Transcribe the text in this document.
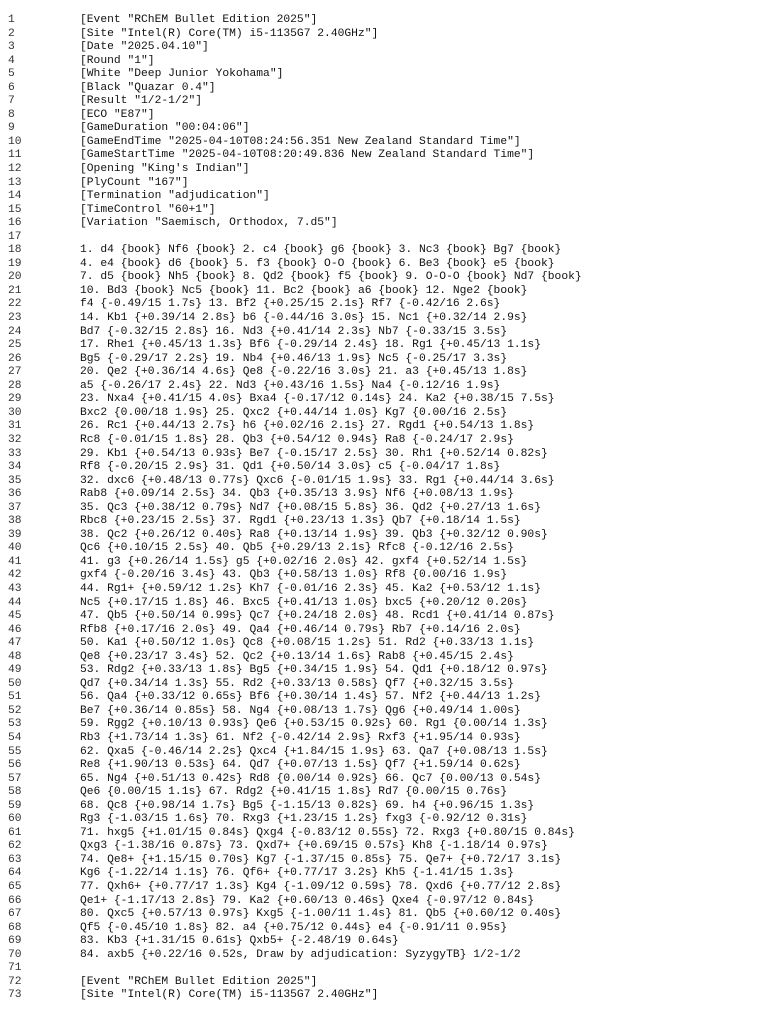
1	[Event "RChEM Bullet Edition 2025"]
2	[Site "Intel(R) Core(TM) i5-1135G7 2.40GHz"]
3	[Date "2025.04.10"]
4	[Round "1"]
5	[White "Deep Junior Yokohama"]
6	[Black "Quazar 0.4"]
7	[Result "1/2-1/2"]
8	[ECO "E87"]
9	[GameDuration "00:04:06"]
10	[GameEndTime "2025-04-10T08:24:56.351 New Zealand Standard Time"]
11	[GameStartTime "2025-04-10T08:20:49.836 New Zealand Standard Time"]
12	[Opening "King's Indian"]
13	[PlyCount "167"]
14	[Termination "adjudication"]
15	[TimeControl "60+1"]
16	[Variation "Saemisch, Orthodox, 7.d5"]
17
18	1. d4 {book} Nf6 {book} 2. c4 {book} g6 {book} 3. Nc3 {book} Bg7 {book}
19	4. e4 {book} d6 {book} 5. f3 {book} O-O {book} 6. Be3 {book} e5 {book}
20	7. d5 {book} Nh5 {book} 8. Qd2 {book} f5 {book} 9. O-O-O {book} Nd7 {book}
21	10. Bd3 {book} Nc5 {book} 11. Bc2 {book} a6 {book} 12. Nge2 {book}
22	f4 {-0.49/15 1.7s} 13. Bf2 {+0.25/15 2.1s} Rf7 {-0.42/16 2.6s}
23	14. Kb1 {+0.39/14 2.8s} b6 {-0.44/16 3.0s} 15. Nc1 {+0.32/14 2.9s}
24	Bd7 {-0.32/15 2.8s} 16. Nd3 {+0.41/14 2.3s} Nb7 {-0.33/15 3.5s}
25	17. Rhe1 {+0.45/13 1.3s} Bf6 {-0.29/14 2.4s} 18. Rg1 {+0.45/13 1.1s}
26	Bg5 {-0.29/17 2.2s} 19. Nb4 {+0.46/13 1.9s} Nc5 {-0.25/17 3.3s}
27	20. Qe2 {+0.36/14 4.6s} Qe8 {-0.22/16 3.0s} 21. a3 {+0.45/13 1.8s}
28	a5 {-0.26/17 2.4s} 22. Nd3 {+0.43/16 1.5s} Na4 {-0.12/16 1.9s}
29	23. Nxa4 {+0.41/15 4.0s} Bxa4 {-0.17/12 0.14s} 24. Ka2 {+0.38/15 7.5s}
30	Bxc2 {0.00/18 1.9s} 25. Qxc2 {+0.44/14 1.0s} Kg7 {0.00/16 2.5s}
31	26. Rc1 {+0.44/13 2.7s} h6 {+0.02/16 2.1s} 27. Rgd1 {+0.54/13 1.8s}
32	Rc8 {-0.01/15 1.8s} 28. Qb3 {+0.54/12 0.94s} Ra8 {-0.24/17 2.9s}
33	29. Kb1 {+0.54/13 0.93s} Be7 {-0.15/17 2.5s} 30. Rh1 {+0.52/14 0.82s}
34	Rf8 {-0.20/15 2.9s} 31. Qd1 {+0.50/14 3.0s} c5 {-0.04/17 1.8s}
35	32. dxc6 {+0.48/13 0.77s} Qxc6 {-0.01/15 1.9s} 33. Rg1 {+0.44/14 3.6s}
36	Rab8 {+0.09/14 2.5s} 34. Qb3 {+0.35/13 3.9s} Nf6 {+0.08/13 1.9s}
37	35. Qc3 {+0.38/12 0.79s} Nd7 {+0.08/15 5.8s} 36. Qd2 {+0.27/13 1.6s}
38	Rbc8 {+0.23/15 2.5s} 37. Rgd1 {+0.23/13 1.3s} Qb7 {+0.18/14 1.5s}
39	38. Qc2 {+0.26/12 0.40s} Ra8 {+0.13/14 1.9s} 39. Qb3 {+0.32/12 0.90s}
40	Qc6 {+0.10/15 2.5s} 40. Qb5 {+0.29/13 2.1s} Rfc8 {-0.12/16 2.5s}
41	41. g3 {+0.26/14 1.5s} g5 {+0.02/16 2.0s} 42. gxf4 {+0.52/14 1.5s}
42	gxf4 {-0.20/16 3.4s} 43. Qb3 {+0.58/13 1.0s} Rf8 {0.00/16 1.9s}
43	44. Rg1+ {+0.59/12 1.2s} Kh7 {-0.01/16 2.3s} 45. Ka2 {+0.53/12 1.1s}
44	Nc5 {+0.17/15 1.8s} 46. Bxc5 {+0.41/13 1.0s} bxc5 {+0.20/12 0.20s}
45	47. Qb5 {+0.50/14 0.99s} Qc7 {+0.24/18 2.0s} 48. Rcd1 {+0.41/14 0.87s}
46	Rfb8 {+0.17/16 2.0s} 49. Qa4 {+0.46/14 0.79s} Rb7 {+0.14/16 2.0s}
47	50. Ka1 {+0.50/12 1.0s} Qc8 {+0.08/15 1.2s} 51. Rd2 {+0.33/13 1.1s}
48	Qe8 {+0.23/17 3.4s} 52. Qc2 {+0.13/14 1.6s} Rab8 {+0.45/15 2.4s}
49	53. Rdg2 {+0.33/13 1.8s} Bg5 {+0.34/15 1.9s} 54. Qd1 {+0.18/12 0.97s}
50	Qd7 {+0.34/14 1.3s} 55. Rd2 {+0.33/13 0.58s} Qf7 {+0.32/15 3.5s}
51	56. Qa4 {+0.33/12 0.65s} Bf6 {+0.30/14 1.4s} 57. Nf2 {+0.44/13 1.2s}
52	Be7 {+0.36/14 0.85s} 58. Ng4 {+0.08/13 1.7s} Qg6 {+0.49/14 1.00s}
53	59. Rgg2 {+0.10/13 0.93s} Qe6 {+0.53/15 0.92s} 60. Rg1 {0.00/14 1.3s}
54	Rb3 {+1.73/14 1.3s} 61. Nf2 {-0.42/14 2.9s} Rxf3 {+1.95/14 0.93s}
55	62. Qxa5 {-0.46/14 2.2s} Qxc4 {+1.84/15 1.9s} 63. Qa7 {+0.08/13 1.5s}
56	Re8 {+1.90/13 0.53s} 64. Qd7 {+0.07/13 1.5s} Qf7 {+1.59/14 0.62s}
57	65. Ng4 {+0.51/13 0.42s} Rd8 {0.00/14 0.92s} 66. Qc7 {0.00/13 0.54s}
58	Qe6 {0.00/15 1.1s} 67. Rdg2 {+0.41/15 1.8s} Rd7 {0.00/15 0.76s}
59	68. Qc8 {+0.98/14 1.7s} Bg5 {-1.15/13 0.82s} 69. h4 {+0.96/15 1.3s}
60	Rg3 {-1.03/15 1.6s} 70. Rxg3 {+1.23/15 1.2s} fxg3 {-0.92/12 0.31s}
61	71. hxg5 {+1.01/15 0.84s} Qxg4 {-0.83/12 0.55s} 72. Rxg3 {+0.80/15 0.84s}
62	Qxg3 {-1.38/16 0.87s} 73. Qxd7+ {+0.69/15 0.57s} Kh8 {-1.18/14 0.97s}
63	74. Qe8+ {+1.15/15 0.70s} Kg7 {-1.37/15 0.85s} 75. Qe7+ {+0.72/17 3.1s}
64	Kg6 {-1.22/14 1.1s} 76. Qf6+ {+0.77/17 3.2s} Kh5 {-1.41/15 1.3s}
65	77. Qxh6+ {+0.77/17 1.3s} Kg4 {-1.09/12 0.59s} 78. Qxd6 {+0.77/12 2.8s}
66	Qe1+ {-1.17/13 2.8s} 79. Ka2 {+0.60/13 0.46s} Qxe4 {-0.97/12 0.84s}
67	80. Qxc5 {+0.57/13 0.97s} Kxg5 {-1.00/11 1.4s} 81. Qb5 {+0.60/12 0.40s}
68	Qf5 {-0.45/10 1.8s} 82. a4 {+0.75/12 0.44s} e4 {-0.91/11 0.95s}
69	83. Kb3 {+1.31/15 0.61s} Qxb5+ {-2.48/19 0.64s}
70	84. axb5 {+0.22/16 0.52s, Draw by adjudication: SyzygyTB} 1/2-1/2
71
72	[Event "RChEM Bullet Edition 2025"]
73	[Site "Intel(R) Core(TM) i5-1135G7 2.40GHz"]
